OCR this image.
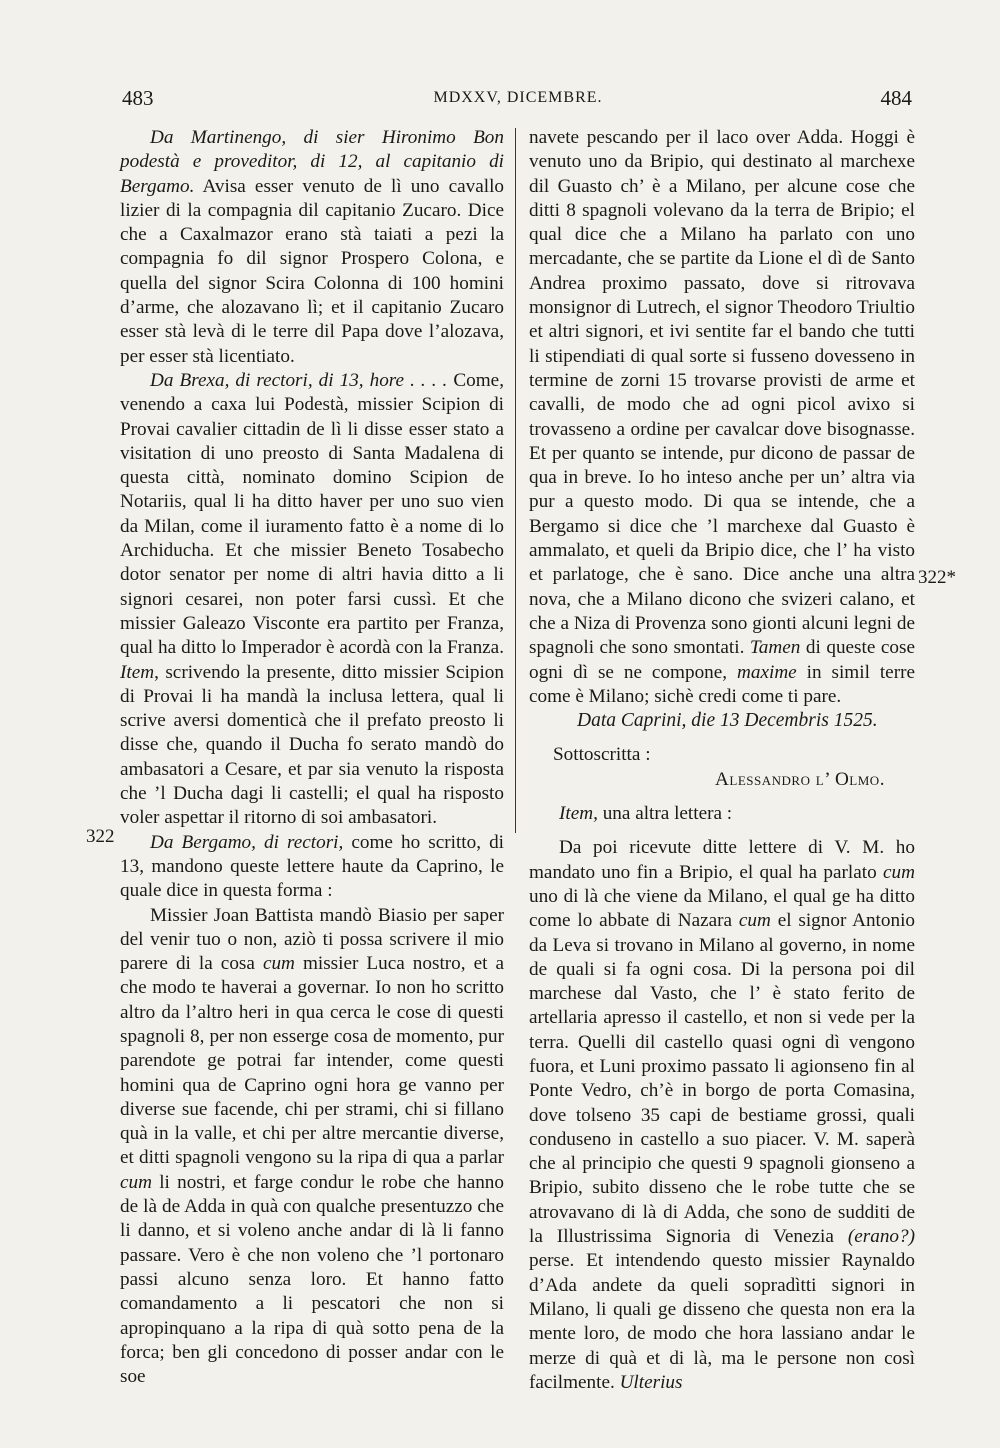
483	MDXXV, DICEMBRE.	484
322*
322

Da Martinengo, di sier Hironimo Bon podestà e proveditor, di 12, al capitanio di Bergamo. Avisa esser venuto de lì uno cavallo lizier di la compagnia dil capitanio Zucaro. Dice che a Caxalmazor erano stà taiati a pezi la compagnia fo dil signor Prospero Colona, e quella del signor Scira Colonna di 100 homini d’arme, che alozavano lì; et il capitanio Zucaro esser stà levà di le terre dil Papa dove l’alozava, per esser stà licentiato.

Da Brexa, di rectori, di 13, hore . . . . Come, venendo a caxa lui Podestà, missier Scipion di Provai cavalier cittadin de lì li disse esser stato a visitation di uno preosto di Santa Madalena di questa città, nominato domino Scipion de Notariis, qual li ha ditto haver per uno suo vien da Milan, come il iuramento fatto è a nome di lo Archiducha. Et che missier Beneto Tosabecho dotor senator per nome di altri havia ditto a li signori cesarei, non poter farsi cussì. Et che missier Galeazo Visconte era partito per Franza, qual ha ditto lo Imperador è acordà con la Franza. Item, scrivendo la presente, ditto missier Scipion di Provai li ha mandà la inclusa lettera, qual li scrive aversi domenticà che il prefato preosto li disse che, quando il Ducha fo serato mandò do ambasatori a Cesare, et par sia venuto la risposta che ’l Ducha dagi li castelli; el qual ha risposto voler aspettar il ritorno di soi ambasatori.

Da Bergamo, di rectori, come ho scritto, di 13, mandono queste lettere haute da Caprino, le quale dice in questa forma :

Missier Joan Battista mandò Biasio per saper del venir tuo o non, aziò ti possa scrivere il mio parere di la cosa cum missier Luca nostro, et a che modo te haverai a governar. Io non ho scritto altro da l’altro heri in qua cerca le cose di questi spagnoli 8, per non esserge cosa de momento, pur parendote ge potrai far intender, come questi homini qua de Caprino ogni hora ge vanno per diverse sue facende, chi per strami, chi si fillano quà in la valle, et chi per altre mercantie diverse, et ditti spagnoli vengono su la ripa di qua a parlar cum li nostri, et farge condur le robe che hanno de là de Adda in quà con qualche presentuzzo che li danno, et si voleno anche andar di là li fanno passare. Vero è che non voleno che ’l portonaro passi alcuno senza loro. Et hanno fatto comandamento a li pescatori che non si apropinquano a la ripa di quà sotto pena de la forca; ben gli concedono di posser andar con le soe

navete pescando per il laco over Adda. Hoggi è venuto uno da Bripio, qui destinato al marchexe dil Guasto ch’ è a Milano, per alcune cose che ditti 8 spagnoli volevano da la terra de Bripio; el qual dice che a Milano ha parlato con uno mercadante, che se partite da Lione el dì de Santo Andrea proximo passato, dove si ritrovava monsignor di Lutrech, el signor Theodoro Triultio et altri signori, et ivi sentite far el bando che tutti li stipendiati di qual sorte si fusseno dovesseno in termine de zorni 15 trovarse provisti de arme et cavalli, de modo che ad ogni picol avixo si trovasseno a ordine per cavalcar dove bisognasse. Et per quanto se intende, pur dicono de passar de qua in breve. Io ho inteso anche per un’ altra via pur a questo modo. Di qua se intende, che a Bergamo si dice che ’l marchexe dal Guasto è ammalato, et queli da Bripio dice, che l’ ha visto et parlatoge, che è sano. Dice anche una altra nova, che a Milano dicono che svizeri calano, et che a Niza di Provenza sono gionti alcuni legni de spagnoli che sono smontati. Tamen di queste cose ogni dì se ne compone, maxime in simil terre come è Milano; sichè credi come ti pare.

Data Caprini, die 13 Decembris 1525.

Sottoscritta :

Alessandro l’ Olmo.

Item, una altra lettera :

Da poi ricevute ditte lettere di V. M. ho mandato uno fin a Bripio, el qual ha parlato cum uno di là che viene da Milano, el qual ge ha ditto come lo abbate di Nazara cum el signor Antonio da Leva si trovano in Milano al governo, in nome de quali si fa ogni cosa. Di la persona poi dil marchese dal Vasto, che l’ è stato ferito de artellaria apresso il castello, et non si vede per la terra. Quelli dil castello quasi ogni dì vengono fuora, et Luni proximo passato li agionseno fin al Ponte Vedro, ch’è in borgo de porta Comasina, dove tolseno 35 capi de bestiame grossi, quali conduseno in castello a suo piacer. V. M. saperà che al principio che questi 9 spagnoli gionseno a Bripio, subito disseno che le robe tutte che se atrovavano di là di Adda, che sono de sudditi de la Illustrissima Signoria di Venezia (erano?) perse. Et intendendo questo missier Raynaldo d’Ada andete da queli sopradìtti signori in Milano, li quali ge disseno che questa non era la mente loro, de modo che hora lassiano andar le merze di quà et di là, ma le persone non così facilmente. Ulterius
